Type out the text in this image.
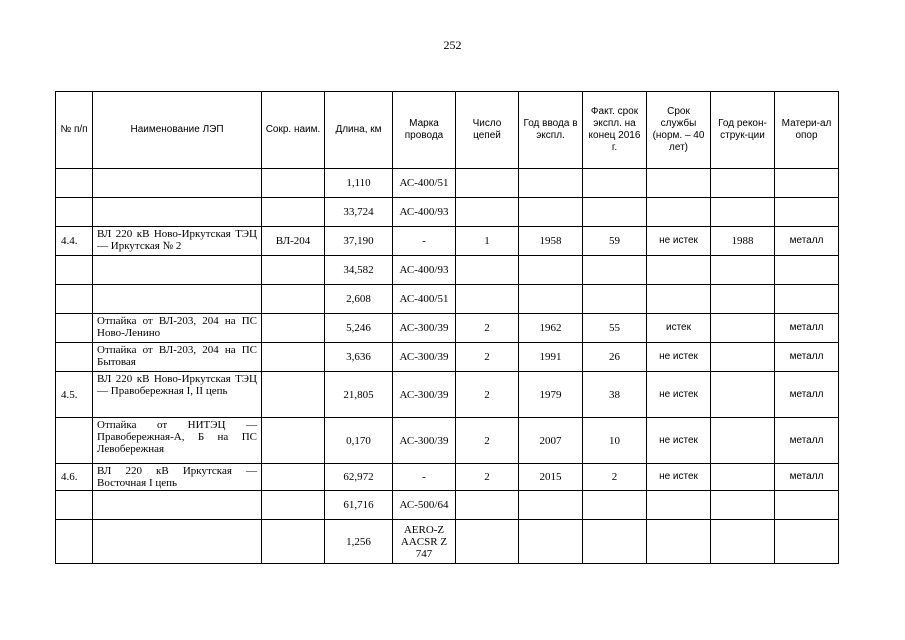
252
№ п/п	Наименование ЛЭП	Сокр. наим.	Длина, км	Марка провода	Число цепей	Год ввода в экспл.	Факт. срок экспл. на конец 2016 г.	Срок службы (норм. – 40 лет)	Год рекон-струк-ции	Матери-ал опор
			1,110	АС-400/51						
			33,724	АС-400/93						
4.4.	ВЛ 220 кВ Ново-Иркутская ТЭЦ — Иркутская № 2	ВЛ-204	37,190	-	1	1958	59	не истек	1988	металл
			34,582	АС-400/93						
			2,608	АС-400/51						
	Отпайка от ВЛ-203, 204 на ПС Ново-Ленино		5,246	АС-300/39	2	1962	55	истек		металл
	Отпайка от ВЛ-203, 204 на ПС Бытовая		3,636	АС-300/39	2	1991	26	не истек		металл
4.5.	ВЛ 220 кВ Ново-Иркутская ТЭЦ — Правобережная I, II цепь		21,805	АС-300/39	2	1979	38	не истек		металл
	Отпайка от НИТЭЦ — Правобережная-А, Б на ПС Левобережная		0,170	АС-300/39	2	2007	10	не истек		металл
4.6.	ВЛ 220 кВ Иркутская — Восточная I цепь		62,972	-	2	2015	2	не истек		металл
			61,716	АС-500/64						
			1,256	AERO-Z AACSR Z 747						
